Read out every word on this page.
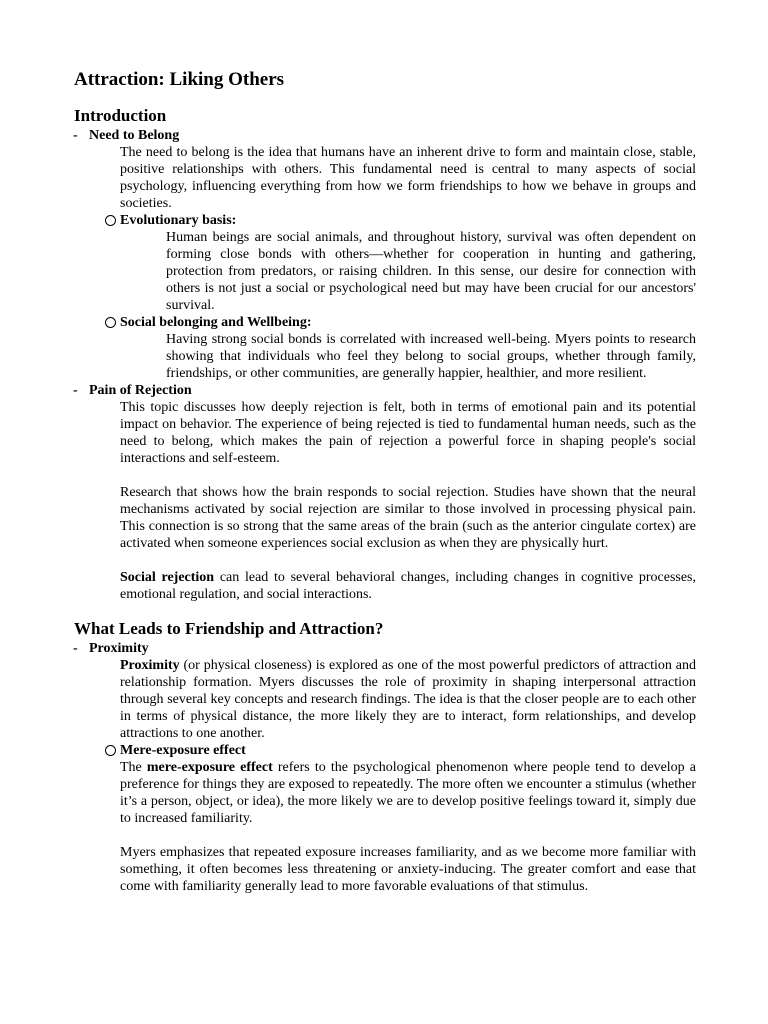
Attraction: Liking Others
Introduction
- Need to Belong

The need to belong is the idea that humans have an inherent drive to form and maintain close, stable, positive relationships with others. This fundamental need is central to many aspects of social psychology, influencing everything from how we form friendships to how we behave in groups and societies.

Evolutionary basis:

Human beings are social animals, and throughout history, survival was often dependent on forming close bonds with others—whether for cooperation in hunting and gathering, protection from predators, or raising children. In this sense, our desire for connection with others is not just a social or psychological need but may have been crucial for our ancestors' survival.

Social belonging and Wellbeing:

Having strong social bonds is correlated with increased well-being. Myers points to research showing that individuals who feel they belong to social groups, whether through family, friendships, or other communities, are generally happier, healthier, and more resilient.

- Pain of Rejection

This topic discusses how deeply rejection is felt, both in terms of emotional pain and its potential impact on behavior. The experience of being rejected is tied to fundamental human needs, such as the need to belong, which makes the pain of rejection a powerful force in shaping people's social interactions and self-esteem.

Research that shows how the brain responds to social rejection. Studies have shown that the neural mechanisms activated by social rejection are similar to those involved in processing physical pain. This connection is so strong that the same areas of the brain (such as the anterior cingulate cortex) are activated when someone experiences social exclusion as when they are physically hurt.

Social rejection can lead to several behavioral changes, including changes in cognitive processes, emotional regulation, and social interactions.

What Leads to Friendship and Attraction?
- Proximity

Proximity (or physical closeness) is explored as one of the most powerful predictors of attraction and relationship formation. Myers discusses the role of proximity in shaping interpersonal attraction through several key concepts and research findings. The idea is that the closer people are to each other in terms of physical distance, the more likely they are to interact, form relationships, and develop attractions to one another.

Mere-exposure effect

The mere-exposure effect refers to the psychological phenomenon where people tend to develop a preference for things they are exposed to repeatedly. The more often we encounter a stimulus (whether it’s a person, object, or idea), the more likely we are to develop positive feelings toward it, simply due to increased familiarity.

Myers emphasizes that repeated exposure increases familiarity, and as we become more familiar with something, it often becomes less threatening or anxiety-inducing. The greater comfort and ease that come with familiarity generally lead to more favorable evaluations of that stimulus.
